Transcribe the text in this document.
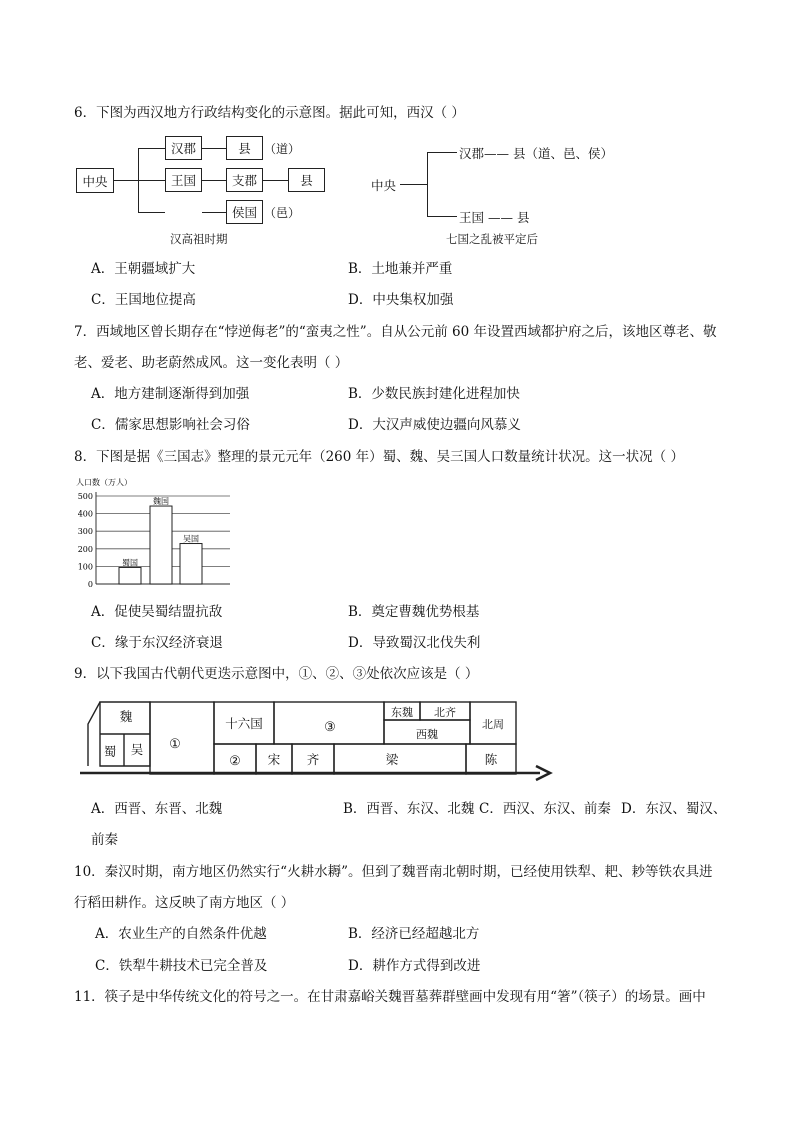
6．下图为西汉地方行政结构变化的示意图。据此可知，西汉（ ）
中央
汉郡	县	（道）
王国	支郡	县
侯国 （邑）
汉高祖时期
中央
汉郡—— 县（道、邑、侯）
王国 —— 县
七国之乱被平定后
A．王朝疆域扩大	B．土地兼并严重
C．王国地位提高	D．中央集权加强
7．西域地区曾长期存在“悖逆侮老”的“蛮夷之性”。自从公元前 60 年设置西域都护府之后，该地区尊老、敬
老、爱老、助老蔚然成风。这一变化表明（ ）
A．地方建制逐渐得到加强	B．少数民族封建化进程加快
C．儒家思想影响社会习俗	D．大汉声威使边疆向风慕义
8．下图是据《三国志》整理的景元元年（260 年）蜀、魏、吴三国人口数量统计状况。这一状况（ ）
人口数（万人）
0
100
200
300
400
500
蜀国
魏国
吴国
A．促使吴蜀结盟抗敌	B．奠定曹魏优势根基
C．缘于东汉经济衰退	D．导致蜀汉北伐失利
9．以下我国古代朝代更迭示意图中，①、②、③处依次应该是（ ）
魏
蜀 吴 ①
十六国	③
东魏 北齐
西魏
北周
② 宋 齐	梁	陈
A．西晋、东晋、北魏	B．西晋、东汉、北魏 C．西汉、东汉、前秦 D．东汉、蜀汉、
前秦
10．秦汉时期，南方地区仍然实行“火耕水耨”。但到了魏晋南北朝时期，已经使用铁犁、耙、耖等铁农具进
行稻田耕作。这反映了南方地区（ ）
A．农业生产的自然条件优越	B．经济已经超越北方
C．铁犁牛耕技术已完全普及	D．耕作方式得到改进
11．筷子是中华传统文化的符号之一。在甘肃嘉峪关魏晋墓葬群壁画中发现有用“箸”（筷子）的场景。画中
